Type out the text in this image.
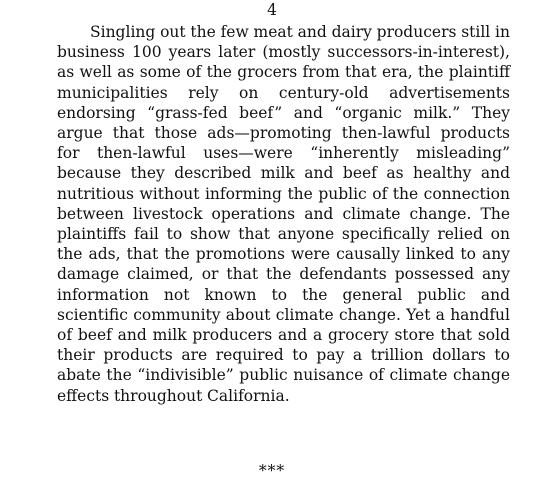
4

Singling out the few meat and dairy producers still in business 100 years later (mostly successors-in-interest), as well as some of the grocers from that era, the plaintiff municipalities rely on century-old advertisements endorsing “grass-fed beef” and “organic milk.” They argue that those ads—promoting then-lawful products for then-lawful uses—were “inherently misleading” because they described milk and beef as healthy and nutritious without informing the public of the connection between livestock operations and climate change. The plaintiffs fail to show that anyone specifically relied on the ads, that the promotions were causally linked to any damage claimed, or that the defendants possessed any information not known to the general public and scientific community about climate change. Yet a handful of beef and milk producers and a grocery store that sold their products are required to pay a trillion dollars to abate the “indivisible” public nuisance of climate change effects throughout California.

***
